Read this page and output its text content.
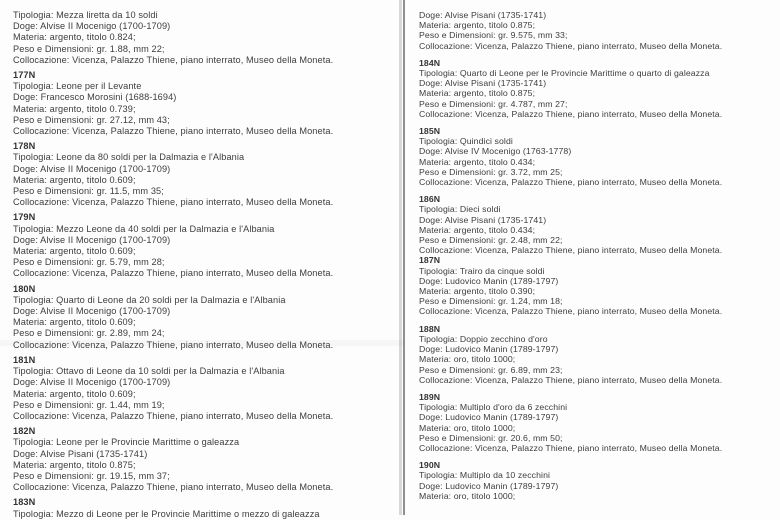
Tipologia: Mezza liretta da 10 soldi
Doge: Alvise II Mocenigo (1700-1709)
Materia: argento, titolo 0.824;
Peso e Dimensioni: gr. 1.88, mm 22;
Collocazione: Vicenza, Palazzo Thiene, piano interrato, Museo della Moneta.
177N
Tipologia: Leone per il Levante
Doge: Francesco Morosini (1688-1694)
Materia: argento, titolo 0.739;
Peso e Dimensioni: gr. 27.12, mm 43;
Collocazione: Vicenza, Palazzo Thiene, piano interrato, Museo della Moneta.
178N
Tipologia: Leone da 80 soldi per la Dalmazia e l'Albania
Doge: Alvise II Mocenigo (1700-1709)
Materia: argento, titolo 0.609;
Peso e Dimensioni: gr. 11.5, mm 35;
Collocazione: Vicenza, Palazzo Thiene, piano interrato, Museo della Moneta.
179N
Tipologia: Mezzo Leone da 40 soldi per la Dalmazia e l'Albania
Doge: Alvise II Mocenigo (1700-1709)
Materia: argento, titolo 0.609;
Peso e Dimensioni: gr. 5.79, mm 28;
Collocazione: Vicenza, Palazzo Thiene, piano interrato, Museo della Moneta.
180N
Tipologia: Quarto di Leone da 20 soldi per la Dalmazia e l'Albania
Doge: Alvise II Mocenigo (1700-1709)
Materia: argento, titolo 0.609;
Peso e Dimensioni: gr. 2.89, mm 24;
Collocazione: Vicenza, Palazzo Thiene, piano interrato, Museo della Moneta.
181N
Tipologia: Ottavo di Leone da 10 soldi per la Dalmazia e l'Albania
Doge: Alvise II Mocenigo (1700-1709)
Materia: argento, titolo 0.609;
Peso e Dimensioni: gr. 1.44, mm 19;
Collocazione: Vicenza, Palazzo Thiene, piano interrato, Museo della Moneta.
182N
Tipologia: Leone per le Provincie Marittime o galeazza
Doge: Alvise Pisani (1735-1741)
Materia: argento, titolo 0.875;
Peso e Dimensioni: gr. 19.15, mm 37;
Collocazione: Vicenza, Palazzo Thiene, piano interrato, Museo della Moneta.
183N
Tipologia: Mezzo di Leone per le Provincie Marittime o mezzo di galeazza
Doge: Alvise Pisani (1735-1741)
Materia: argento, titolo 0.875;
Peso e Dimensioni: gr. 9.575, mm 33;
Collocazione: Vicenza, Palazzo Thiene, piano interrato, Museo della Moneta.
184N
Tipologia: Quarto di Leone per le Provincie Marittime o quarto di galeazza
Doge: Alvise Pisani (1735-1741)
Materia: argento, titolo 0.875;
Peso e Dimensioni: gr. 4.787, mm 27;
Collocazione: Vicenza, Palazzo Thiene, piano interrato, Museo della Moneta.
185N
Tipologia: Quindici soldi
Doge: Alvise IV Mocenigo (1763-1778)
Materia: argento, titolo 0.434;
Peso e Dimensioni: gr. 3.72, mm 25;
Collocazione: Vicenza, Palazzo Thiene, piano interrato, Museo della Moneta.
186N
Tipologia: Dieci soldi
Doge: Alvise Pisani (1735-1741)
Materia: argento, titolo 0.434;
Peso e Dimensioni: gr. 2.48, mm 22;
Collocazione: Vicenza, Palazzo Thiene, piano interrato, Museo della Moneta.
187N
Tipologia: Trairo da cinque soldi
Doge: Ludovico Manin (1789-1797)
Materia: argento, titolo 0.390;
Peso e Dimensioni: gr. 1.24, mm 18;
Collocazione: Vicenza, Palazzo Thiene, piano interrato, Museo della Moneta.
188N
Tipologia: Doppio zecchino d'oro
Doge: Ludovico Manin (1789-1797)
Materia: oro, titolo 1000;
Peso e Dimensioni: gr. 6.89, mm 23;
Collocazione: Vicenza, Palazzo Thiene, piano interrato, Museo della Moneta.
189N
Tipologia: Multiplo d'oro da 6 zecchini
Doge: Ludovico Manin (1789-1797)
Materia: oro, titolo 1000;
Peso e Dimensioni: gr. 20.6, mm 50;
Collocazione: Vicenza, Palazzo Thiene, piano interrato, Museo della Moneta.
190N
Tipologia: Multiplo da 10 zecchini
Doge: Ludovico Manin (1789-1797)
Materia: oro, titolo 1000;
